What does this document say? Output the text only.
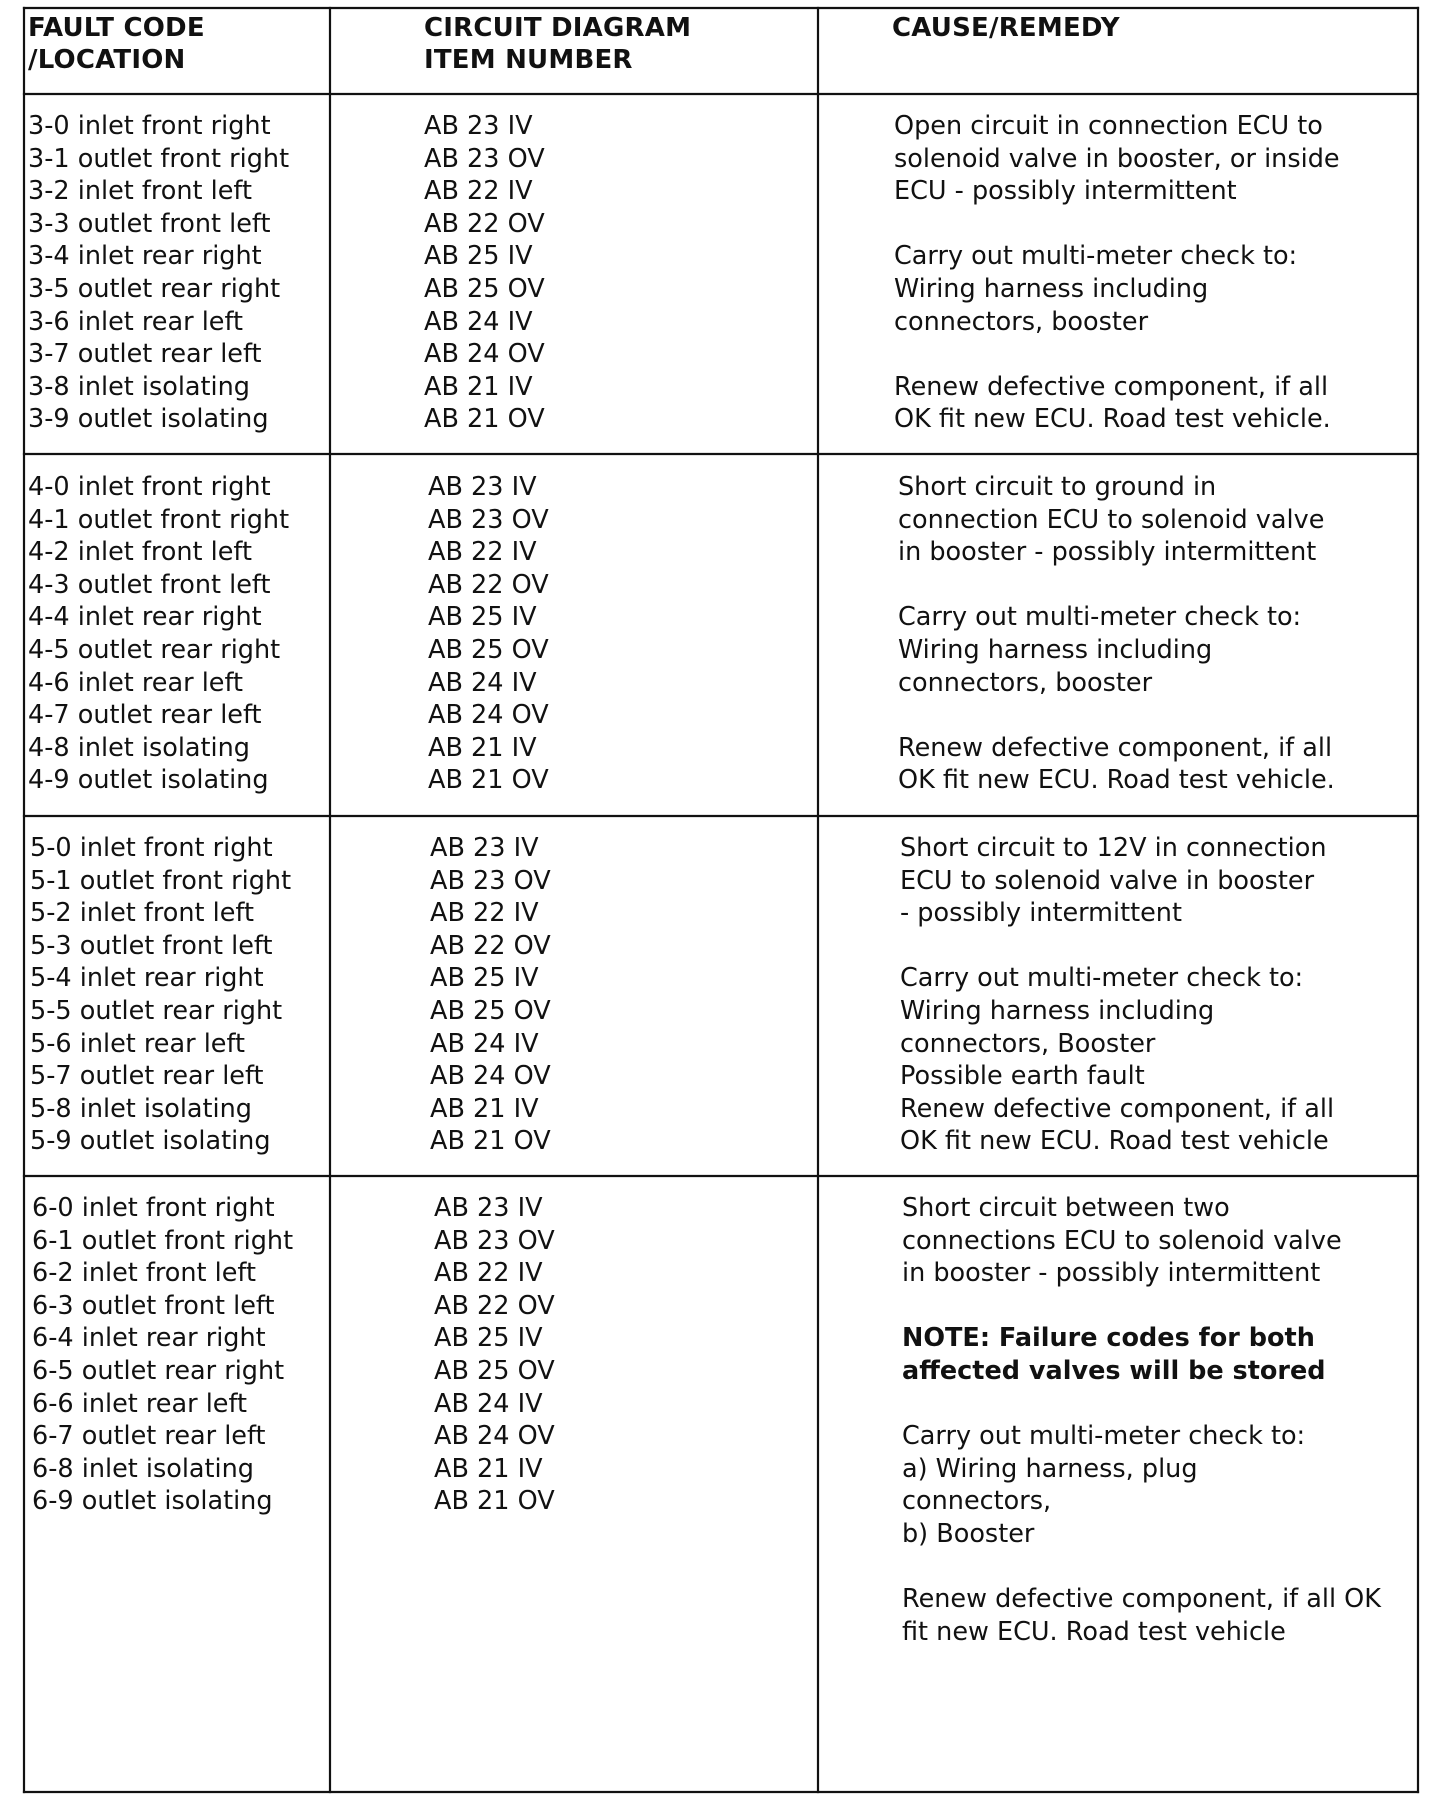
FAULT CODE
/LOCATION
CIRCUIT DIAGRAM
ITEM NUMBER
CAUSE/REMEDY
3-0 inlet front right
3-1 outlet front right
3-2 inlet front left
3-3 outlet front left
3-4 inlet rear right
3-5 outlet rear right
3-6 inlet rear left
3-7 outlet rear left
3-8 inlet isolating
3-9 outlet isolating
AB 23 IV
AB 23 OV
AB 22 IV
AB 22 OV
AB 25 IV
AB 25 OV
AB 24 IV
AB 24 OV
AB 21 IV
AB 21 OV
Open circuit in connection ECU to
solenoid valve in booster, or inside
ECU - possibly intermittent
Carry out multi-meter check to:
Wiring harness including
connectors, booster
Renew defective component, if all
OK fit new ECU. Road test vehicle.
4-0 inlet front right
4-1 outlet front right
4-2 inlet front left
4-3 outlet front left
4-4 inlet rear right
4-5 outlet rear right
4-6 inlet rear left
4-7 outlet rear left
4-8 inlet isolating
4-9 outlet isolating
AB 23 IV
AB 23 OV
AB 22 IV
AB 22 OV
AB 25 IV
AB 25 OV
AB 24 IV
AB 24 OV
AB 21 IV
AB 21 OV
Short circuit to ground in
connection ECU to solenoid valve
in booster - possibly intermittent
Carry out multi-meter check to:
Wiring harness including
connectors, booster
Renew defective component, if all
OK fit new ECU. Road test vehicle.
5-0 inlet front right
5-1 outlet front right
5-2 inlet front left
5-3 outlet front left
5-4 inlet rear right
5-5 outlet rear right
5-6 inlet rear left
5-7 outlet rear left
5-8 inlet isolating
5-9 outlet isolating
AB 23 IV
AB 23 OV
AB 22 IV
AB 22 OV
AB 25 IV
AB 25 OV
AB 24 IV
AB 24 OV
AB 21 IV
AB 21 OV
Short circuit to 12V in connection
ECU to solenoid valve in booster
- possibly intermittent
Carry out multi-meter check to:
Wiring harness including
connectors, Booster
Possible earth fault
Renew defective component, if all
OK fit new ECU. Road test vehicle
6-0 inlet front right
6-1 outlet front right
6-2 inlet front left
6-3 outlet front left
6-4 inlet rear right
6-5 outlet rear right
6-6 inlet rear left
6-7 outlet rear left
6-8 inlet isolating
6-9 outlet isolating
AB 23 IV
AB 23 OV
AB 22 IV
AB 22 OV
AB 25 IV
AB 25 OV
AB 24 IV
AB 24 OV
AB 21 IV
AB 21 OV
Short circuit between two
connections ECU to solenoid valve
in booster - possibly intermittent
NOTE: Failure codes for both
affected valves will be stored
Carry out multi-meter check to:
a) Wiring harness, plug
connectors,
b) Booster
Renew defective component, if all OK
fit new ECU. Road test vehicle
